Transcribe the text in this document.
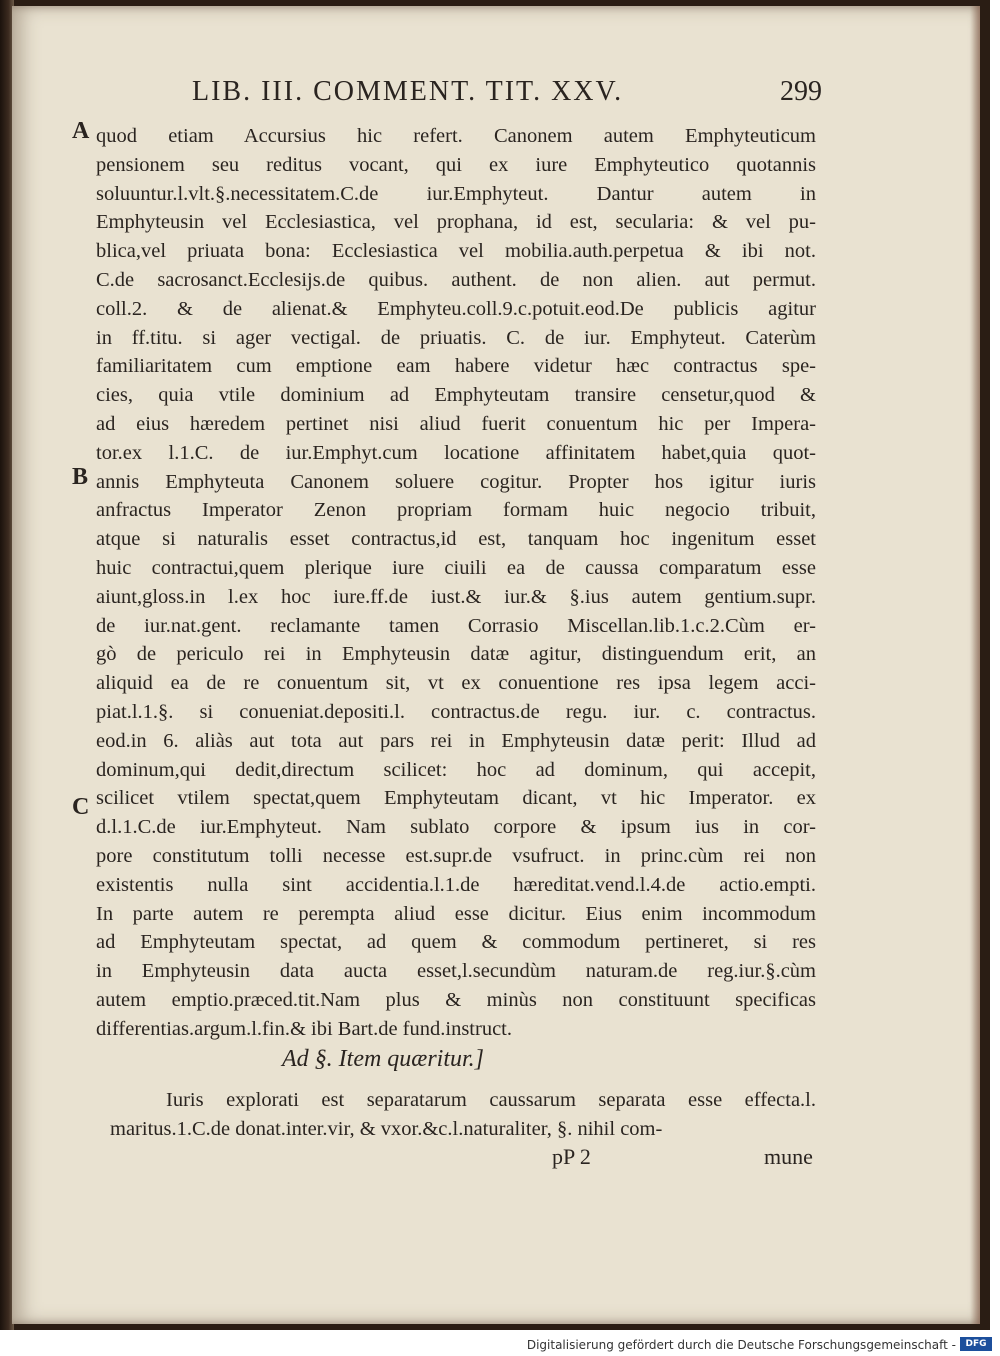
LIB. III. COMMENT. TIT. XXV.	299
A
B
C
quod etiam Accursius hic refert. Canonem autem Emphyteuticum
pensionem seu reditus vocant, qui ex iure Emphyteutico quotannis
soluuntur.l.vlt.§.necessitatem.C.de iur.Emphyteut. Dantur autem in
Emphyteusin vel Ecclesiastica, vel prophana, id est, secularia: & vel pu-
blica,vel priuata bona: Ecclesiastica vel mobilia.auth.perpetua & ibi not.
C.de sacrosanct.Ecclesijs.de quibus. authent. de non alien. aut permut.
coll.2. & de alienat.& Emphyteu.coll.9.c.potuit.eod.De publicis agitur
in ff.titu. si ager vectigal. de priuatis. C. de iur. Emphyteut. Caterùm
familiaritatem cum emptione eam habere videtur hæc contractus spe-
cies, quia vtile dominium ad Emphyteutam transire censetur,quod &
ad eius hæredem pertinet nisi aliud fuerit conuentum hic per Impera-
tor.ex l.1.C. de iur.Emphyt.cum locatione affinitatem habet,quia quot-
annis Emphyteuta Canonem soluere cogitur. Propter hos igitur iuris
anfractus Imperator Zenon propriam formam huic negocio tribuit,
atque si naturalis esset contractus,id est, tanquam hoc ingenitum esset
huic contractui,quem plerique iure ciuili ea de caussa comparatum esse
aiunt,gloss.in l.ex hoc iure.ff.de iust.& iur.& §.ius autem gentium.supr.
de iur.nat.gent. reclamante tamen Corrasio Miscellan.lib.1.c.2.Cùm er-
gò de periculo rei in Emphyteusin datæ agitur, distinguendum erit, an
aliquid ea de re conuentum sit, vt ex conuentione res ipsa legem acci-
piat.l.1.§. si conueniat.depositi.l. contractus.de regu. iur. c. contractus.
eod.in 6. aliàs aut tota aut pars rei in Emphyteusin datæ perit: Illud ad
dominum,qui dedit,directum scilicet: hoc ad dominum, qui accepit,
scilicet vtilem spectat,quem Emphyteutam dicant, vt hic Imperator. ex
d.l.1.C.de iur.Emphyteut. Nam sublato corpore & ipsum ius in cor-
pore constitutum tolli necesse est.supr.de vsufruct. in princ.cùm rei non
existentis nulla sint accidentia.l.1.de hæreditat.vend.l.4.de actio.empti.
In parte autem re perempta aliud esse dicitur. Eius enim incommodum
ad Emphyteutam spectat, ad quem & commodum pertineret, si res
in Emphyteusin data aucta esset,l.secundùm naturam.de reg.iur.§.cùm
autem emptio.præced.tit.Nam plus & minùs non constituunt specificas
differentias.argum.l.fin.& ibi Bart.de fund.instruct.
Ad §. Item quæritur.]
Iuris explorati est separatarum caussarum separata esse effecta.l.
maritus.1.C.de donat.inter.vir, & vxor.&c.l.naturaliter, §. nihil com-
pP 2	mune
Digitalisierung gefördert durch die Deutsche Forschungsgemeinschaft -	DFG
